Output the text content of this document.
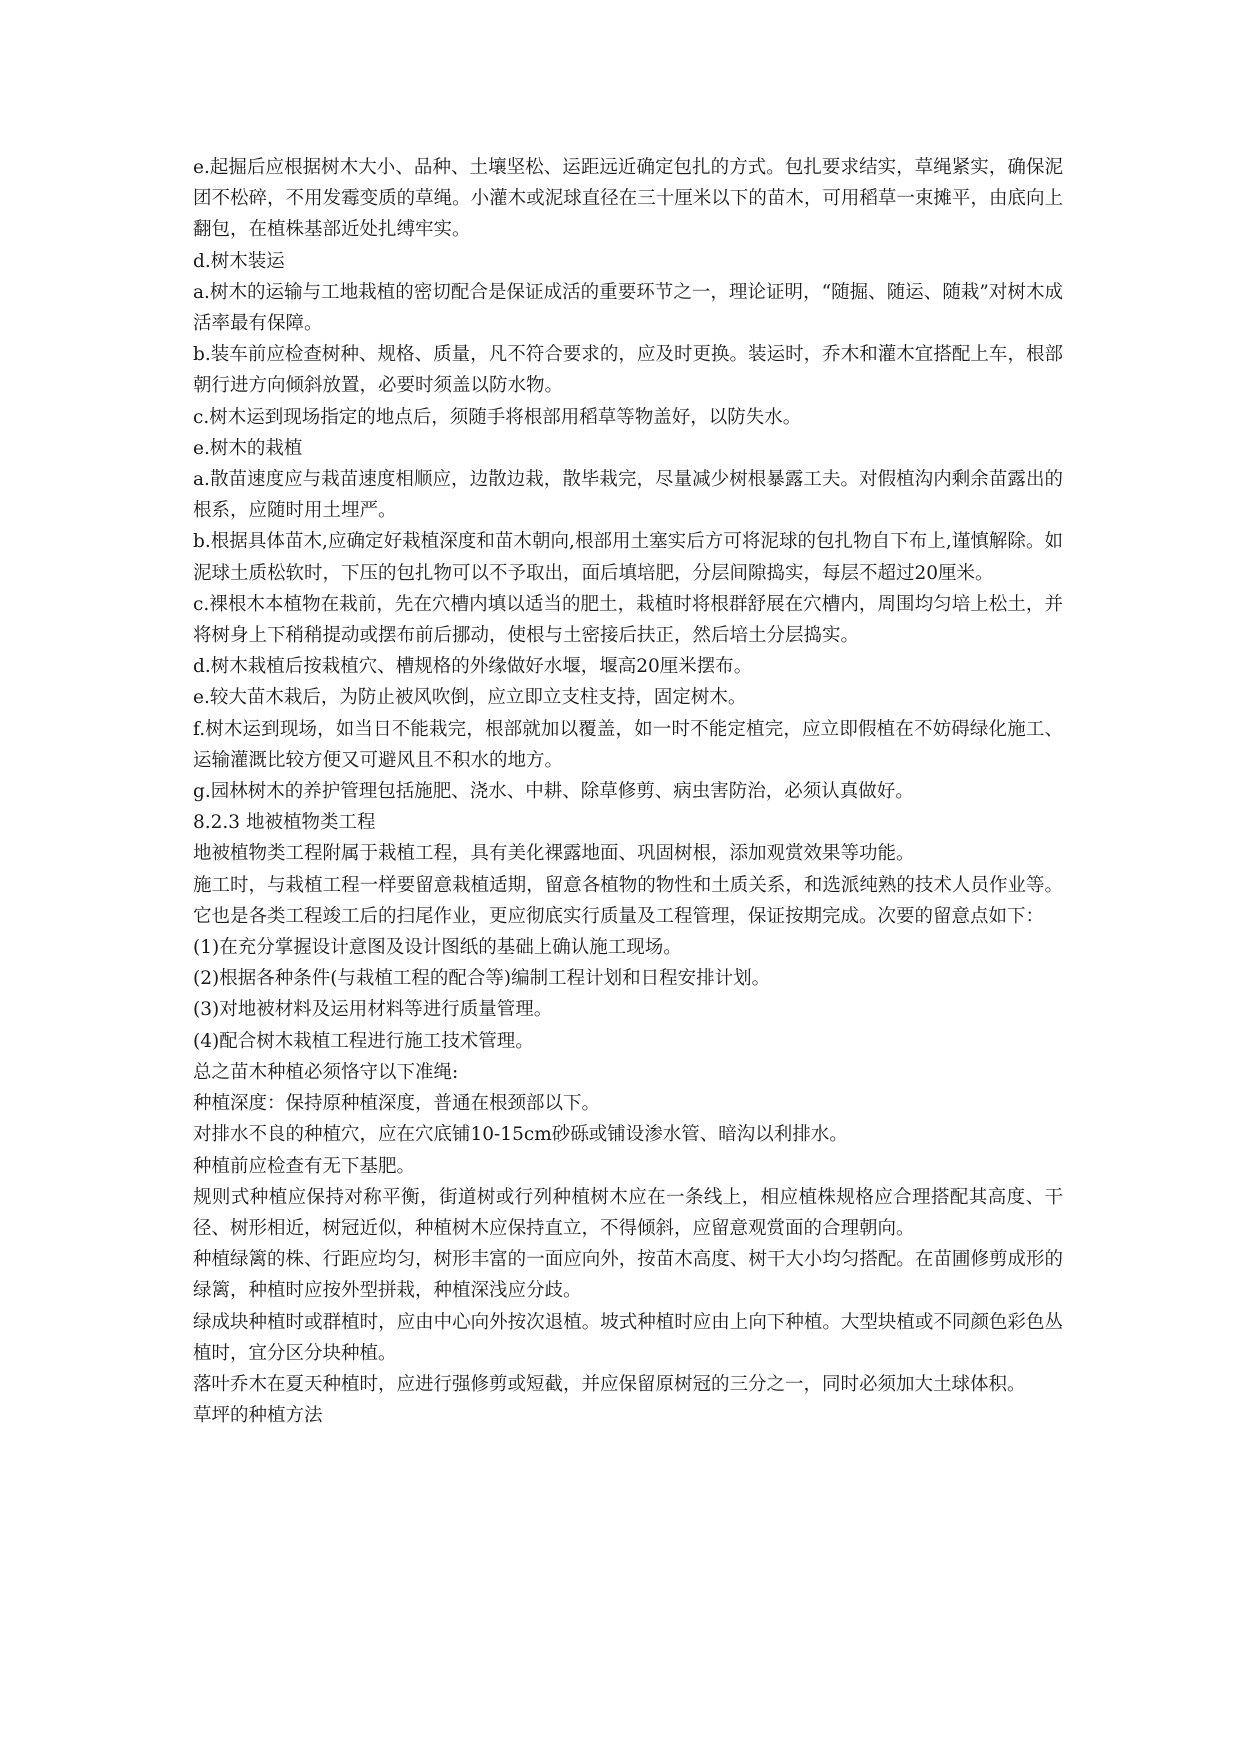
e.起掘后应根据树木大小、品种、土壤坚松、运距远近确定包扎的方式。包扎要求结实，草绳紧实，确保泥团不松碎，不用发霉变质的草绳。小灌木或泥球直径在三十厘米以下的苗木，可用稻草一束摊平，由底向上翻包，在植株基部近处扎缚牢实。

d.树木装运

a.树木的运输与工地栽植的密切配合是保证成活的重要环节之一，理论证明，“随掘、随运、随栽”对树木成活率最有保障。

b.装车前应检查树种、规格、质量，凡不符合要求的，应及时更换。装运时，乔木和灌木宜搭配上车，根部朝行进方向倾斜放置，必要时须盖以防水物。

c.树木运到现场指定的地点后，须随手将根部用稻草等物盖好，以防失水。

e.树木的栽植

a.散苗速度应与栽苗速度相顺应，边散边栽，散毕栽完，尽量减少树根暴露工夫。对假植沟内剩余苗露出的根系，应随时用土埋严。

b.根据具体苗木,应确定好栽植深度和苗木朝向,根部用土塞实后方可将泥球的包扎物自下布上,谨慎解除。如泥球土质松软时，下压的包扎物可以不予取出，面后填培肥，分层间隙捣实，每层不超过20厘米。

c.裸根木本植物在栽前，先在穴槽内填以适当的肥土，栽植时将根群舒展在穴槽内，周围均匀培上松土，并将树身上下稍稍提动或摆布前后挪动，使根与土密接后扶正，然后培土分层捣实。

d.树木栽植后按栽植穴、槽规格的外缘做好水堰，堰高20厘米摆布。

e.较大苗木栽后，为防止被风吹倒，应立即立支柱支持，固定树木。

f.树木运到现场，如当日不能栽完，根部就加以覆盖，如一时不能定植完，应立即假植在不妨碍绿化施工、运输灌溉比较方便又可避风且不积水的地方。

g.园林树木的养护管理包括施肥、浇水、中耕、除草修剪、病虫害防治，必须认真做好。

8.2.3 地被植物类工程

地被植物类工程附属于栽植工程，具有美化裸露地面、巩固树根，添加观赏效果等功能。

施工时，与栽植工程一样要留意栽植适期，留意各植物的物性和土质关系，和选派纯熟的技术人员作业等。它也是各类工程竣工后的扫尾作业，更应彻底实行质量及工程管理，保证按期完成。次要的留意点如下：

(1)在充分掌握设计意图及设计图纸的基础上确认施工现场。

(2)根据各种条件(与栽植工程的配合等)编制工程计划和日程安排计划。

(3)对地被材料及运用材料等进行质量管理。

(4)配合树木栽植工程进行施工技术管理。

总之苗木种植必须恪守以下准绳:

种植深度：保持原种植深度，普通在根颈部以下。

对排水不良的种植穴，应在穴底铺10-15cm砂砾或铺设渗水管、暗沟以利排水。

种植前应检查有无下基肥。

规则式种植应保持对称平衡，街道树或行列种植树木应在一条线上，相应植株规格应合理搭配其高度、干径、树形相近，树冠近似，种植树木应保持直立，不得倾斜，应留意观赏面的合理朝向。

种植绿篱的株、行距应均匀，树形丰富的一面应向外，按苗木高度、树干大小均匀搭配。在苗圃修剪成形的绿篱，种植时应按外型拼栽，种植深浅应分歧。

绿成块种植时或群植时，应由中心向外按次退植。坡式种植时应由上向下种植。大型块植或不同颜色彩色丛植时，宜分区分块种植。

落叶乔木在夏天种植时，应进行强修剪或短截，并应保留原树冠的三分之一，同时必须加大土球体积。

草坪的种植方法
